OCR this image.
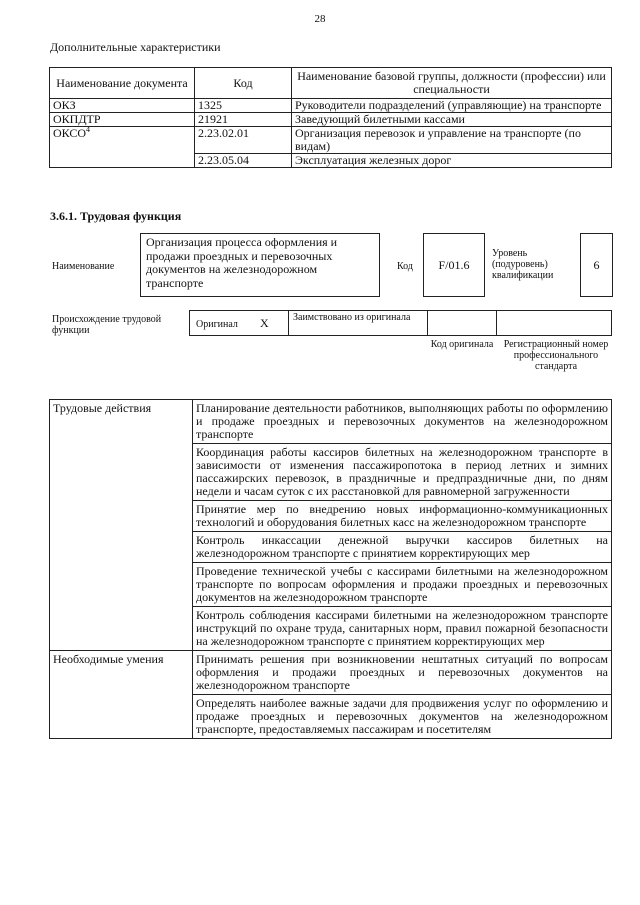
28
Дополнительные характеристики
Наименование документа	Код	Наименование базовой группы, должности (профессии) или специальности
ОКЗ	1325	Руководители подразделений (управляющие) на транспорте
ОКПДТР	21921	Заведующий билетными кассами
ОКСО$^4$	2.23.02.01	Организация перевозок и управление на транспорте (по видам)
	2.23.05.04	Эксплуатация железных дорог
3.6.1. Трудовая функция
Наименование
Организация процесса оформления и продажи проездных и перевозочных документов на железнодорожном транспорте
Код F/01.6
Уровень (подуровень) квалификации
6
Происхождение трудовой функции
Оригинал X Заимствовано из оригинала
Код оригинала	Регистрационный номер профессионального стандарта
Трудовые действия	Планирование деятельности работников, выполняющих работы по оформлению и продаже проездных и перевозочных документов на железнодорожном транспорте
	Координация работы кассиров билетных на железнодорожном транспорте в зависимости от изменения пассажиропотока в период летних и зимних пассажирских перевозок, в праздничные и предпраздничные дни, по дням недели и часам суток с их расстановкой для равномерной загруженности
	Принятие мер по внедрению новых информационно-коммуникационных технологий и оборудования билетных касс на железнодорожном транспорте
	Контроль инкассации денежной выручки кассиров билетных на железнодорожном транспорте с принятием корректирующих мер
	Проведение технической учебы с кассирами билетными на железнодорожном транспорте по вопросам оформления и продажи проездных и перевозочных документов на железнодорожном транспорте
	Контроль соблюдения кассирами билетными на железнодорожном транспорте инструкций по охране труда, санитарных норм, правил пожарной безопасности на железнодорожном транспорте с принятием корректирующих мер
Необходимые умения	Принимать решения при возникновении нештатных ситуаций по вопросам оформления и продажи проездных и перевозочных документов на железнодорожном транспорте
	Определять наиболее важные задачи для продвижения услуг по оформлению и продаже проездных и перевозочных документов на железнодорожном транспорте, предоставляемых пассажирам и посетителям
